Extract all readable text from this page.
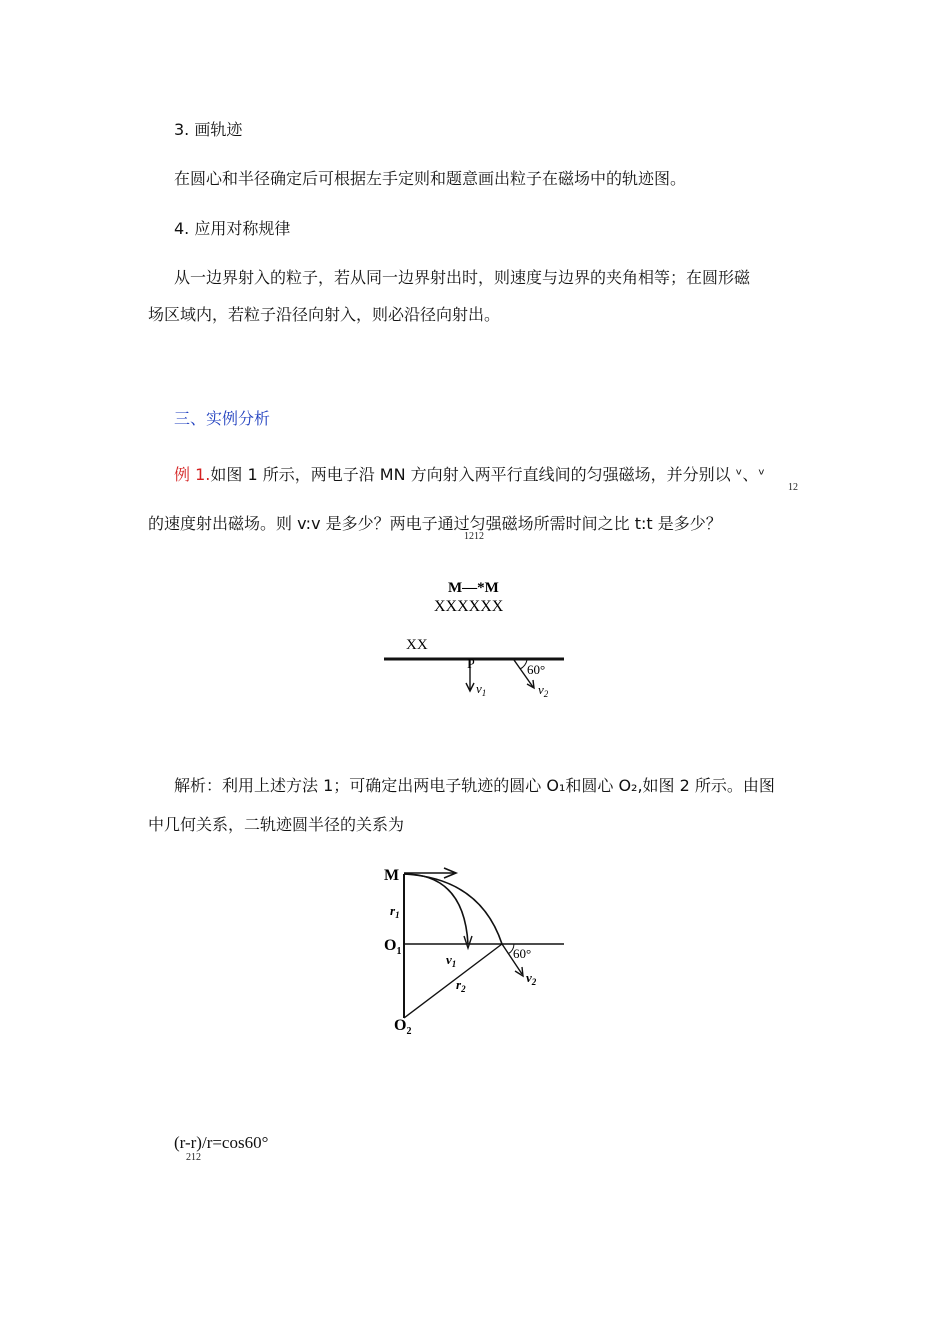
3. 画轨迹
在圆心和半径确定后可根据左手定则和题意画出粒子在磁场中的轨迹图。
4. 应用对称规律
从一边界射入的粒子，若从同一边界射出时，则速度与边界的夹角相等；在圆形磁
场区域内，若粒子沿径向射入，则必沿径向射出。
三、实例分析
例 1.如图 1 所示，两电子沿 MN 方向射入两平行直线间的匀强磁场，并分别以 ᵛ、ᵛ
12
的速度射出磁场。则 v:v 是多少？两电子通过匀强磁场所需时间之比 t:t 是多少？
1212
M—*M
XXXXXX
XX
P
$v_1$
60°
$v_2$
解析：利用上述方法 1；可确定出两电子轨迹的圆心 O₁和圆心 O₂,如图 2 所示。由图
中几何关系，二轨迹圆半径的关系为
M
60°
$r_1$
$O_1$
$v_1$
$r_2$
$v_2$
$O_2$
(r-r)/r=cos60°
212
